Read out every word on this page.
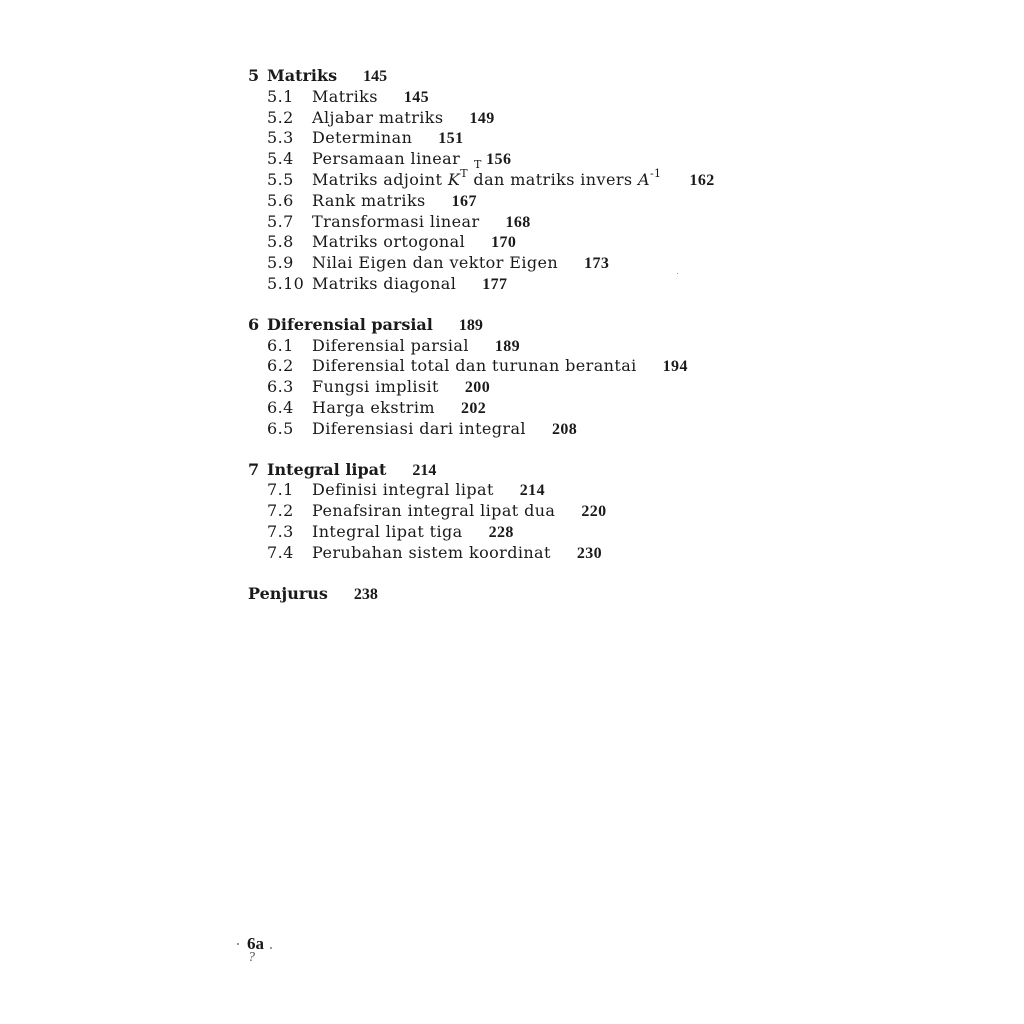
5 Matriks 145
5.1 Matriks 145
5.2 Aljabar matriks 149
5.3 Determinan 151
5.4 Persamaan linear T 156
5.5 Matriks adjoint $K^T$ dan matriks invers $A^{-1}$ 162
5.6 Rank matriks 167
5.7 Transformasi linear 168
5.8 Matriks ortogonal 170
5.9 Nilai Eigen dan vektor Eigen 173
5.10 Matriks diagonal 177
6 Diferensial parsial 189
6.1 Diferensial parsial 189
6.2 Diferensial total dan turunan berantai 194
6.3 Fungsi implisit 200
6.4 Harga ekstrim 202
6.5 Diferensiasi dari integral 208
7 Integral lipat 214
7.1 Definisi integral lipat 214
7.2 Penafsiran integral lipat dua 220
7.3 Integral lipat tiga 228
7.4 Perubahan sistem koordinat 230
Penjurus 238
6a
?
